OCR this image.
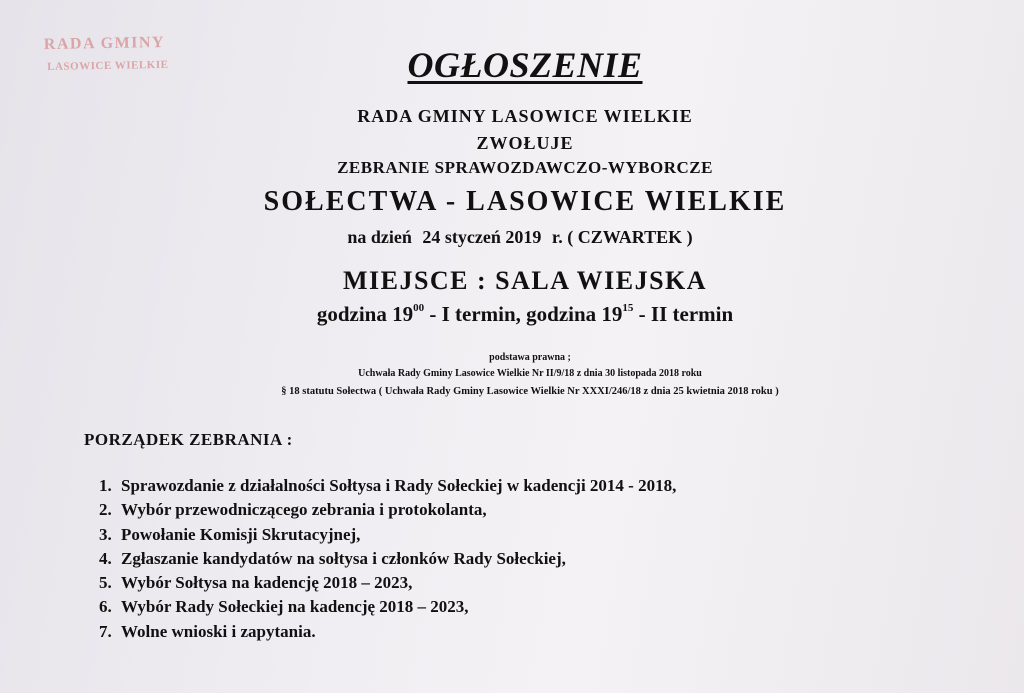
RADA GMINY
LASOWICE WIELKIE	OGŁOSZENIE
RADA GMINY LASOWICE WIELKIE
ZWOŁUJE
ZEBRANIE SPRAWOZDAWCZO-WYBORCZE
SOŁECTWA - LASOWICE WIELKIE
na dzień 24 styczeń 2019 r. ( CZWARTEK )
MIEJSCE : SALA WIEJSKA
godzina $19^{00}$ - I termin, godzina $19^{15}$ - II termin
podstawa prawna ;
Uchwała Rady Gminy Lasowice Wielkie Nr II/9/18 z dnia 30 listopada 2018 roku
§ 18 statutu Sołectwa ( Uchwała Rady Gminy Lasowice Wielkie Nr XXXI/246/18 z dnia 25 kwietnia 2018 roku )
PORZĄDEK ZEBRANIA :
1. Sprawozdanie z działalności Sołtysa i Rady Sołeckiej w kadencji 2014 - 2018,
2. Wybór przewodniczącego zebrania i protokolanta,
3. Powołanie Komisji Skrutacyjnej,
4. Zgłaszanie kandydatów na sołtysa i członków Rady Sołeckiej,
5. Wybór Sołtysa na kadencję 2018 – 2023,
6. Wybór Rady Sołeckiej na kadencję 2018 – 2023,
7. Wolne wnioski i zapytania.
